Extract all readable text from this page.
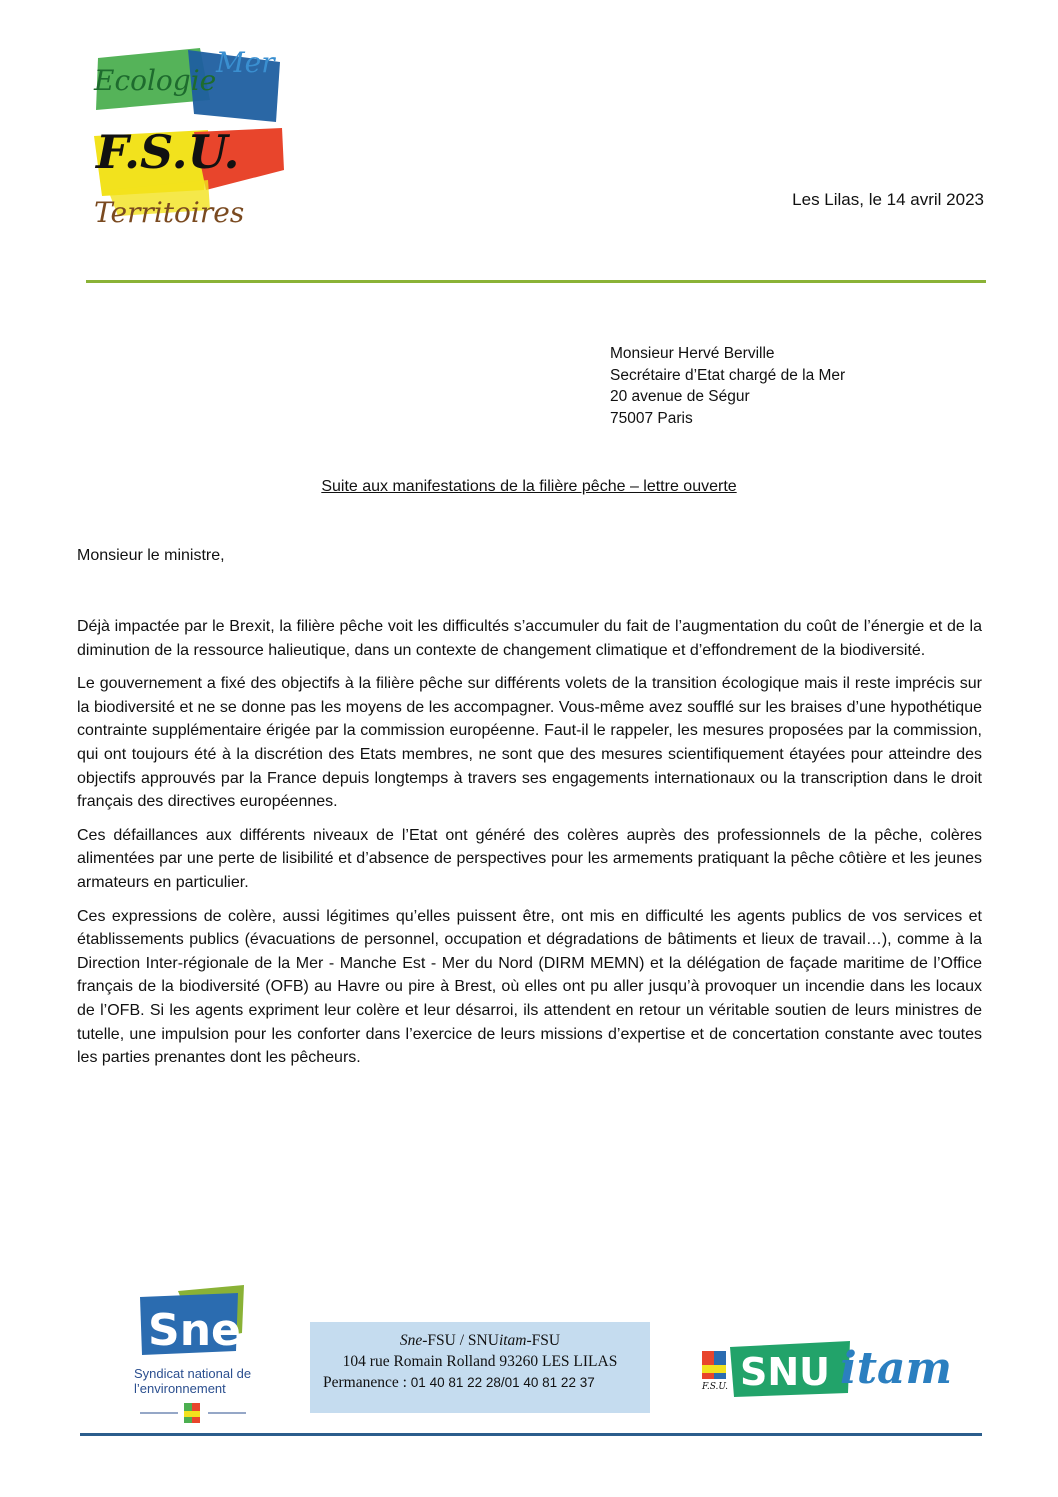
Ecologie
Mer
F.S.U.
Territoires	Les Lilas, le 14 avril 2023
Monsieur Hervé Berville
Secrétaire d’Etat chargé de la Mer
20 avenue de Ségur
75007 Paris
Suite aux manifestations de la filière pêche – lettre ouverte
Monsieur le ministre,

Déjà impactée par le Brexit, la filière pêche voit les difficultés s’accumuler du fait de l’augmentation du coût de l’énergie et de la diminution de la ressource halieutique, dans un contexte de changement climatique et d’effondrement de la biodiversité.

Le gouvernement a fixé des objectifs à la filière pêche sur différents volets de la transition écologique mais il reste imprécis sur la biodiversité et ne se donne pas les moyens de les accompagner. Vous-même avez soufflé sur les braises d’une hypothétique contrainte supplémentaire érigée par la commission européenne. Faut-il le rappeler, les mesures proposées par la commission, qui ont toujours été à la discrétion des Etats membres, ne sont que des mesures scientifiquement étayées pour atteindre des objectifs approuvés par la France depuis longtemps à travers ses engagements internationaux ou la transcription dans le droit français des directives européennes.

Ces défaillances aux différents niveaux de l’Etat ont généré des colères auprès des professionnels de la pêche, colères alimentées par une perte de lisibilité et d’absence de perspectives pour les armements pratiquant la pêche côtière et les jeunes armateurs en particulier.

Ces expressions de colère, aussi légitimes qu’elles puissent être, ont mis en difficulté les agents publics de vos services et établissements publics (évacuations de personnel, occupation et dégradations de bâtiments et lieux de travail…), comme à la Direction Inter-régionale de la Mer - Manche Est - Mer du Nord (DIRM MEMN) et la délégation de façade maritime de l’Office français de la biodiversité (OFB) au Havre ou pire à Brest, où elles ont pu aller jusqu’à provoquer un incendie dans les locaux de l’OFB. Si les agents expriment leur colère et leur désarroi, ils attendent en retour un véritable soutien de leurs ministres de tutelle, une impulsion pour les conforter dans l’exercice de leurs missions d’expertise et de concertation constante avec toutes les parties prenantes dont les pêcheurs.

Sne
Syndicat national de
l’environnement
Sne-FSU / SNUitam-FSU
104 rue Romain Rolland 93260 LES LILAS
Permanence : 01 40 81 22 28/01 40 81 22 37	F.S.U. SNU itam
